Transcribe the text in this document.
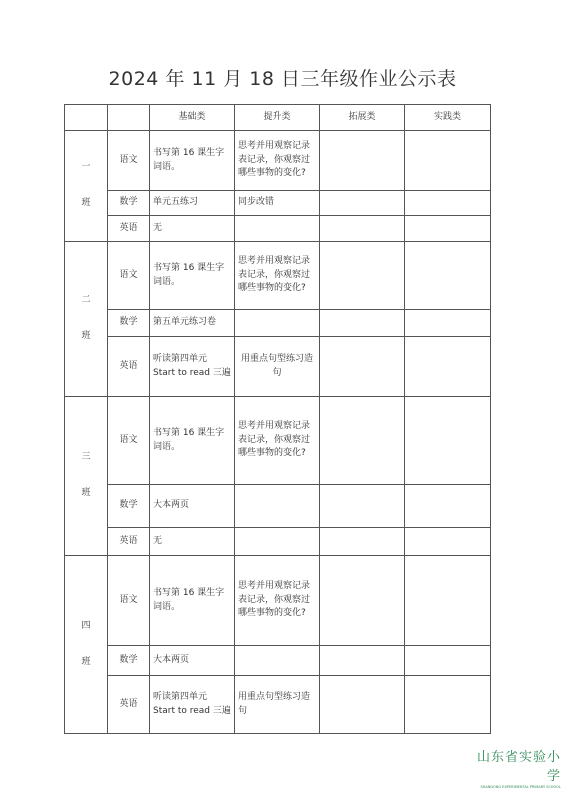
2024 年 11 月 18 日三年级作业公示表
		基础类	提升类	拓展类	实践类

一
班	语文	书写第 16 课生字词语。	思考并用观察记录表记录，你观察过哪些事物的变化?		
	数学	单元五练习	同步改错		
	英语	无			

二
班	语文	书写第 16 课生字词语。	思考并用观察记录表记录，你观察过哪些事物的变化?		
	数学	第五单元练习卷			
	英语	听读第四单元 Start to read 三遍	用重点句型练习造句		

三
班	语文	书写第 16 课生字词语。	思考并用观察记录表记录，你观察过哪些事物的变化?		
	数学	大本两页			
	英语	无			

四
班	语文	书写第 16 课生字词语。	思考并用观察记录表记录，你观察过哪些事物的变化?		
	数学	大本两页			
	英语	听读第四单元 Start to read 三遍	用重点句型练习造句		
山东省实验小学
SHANDONG EXPERIMENTAL PRIMARY SCHOOL
